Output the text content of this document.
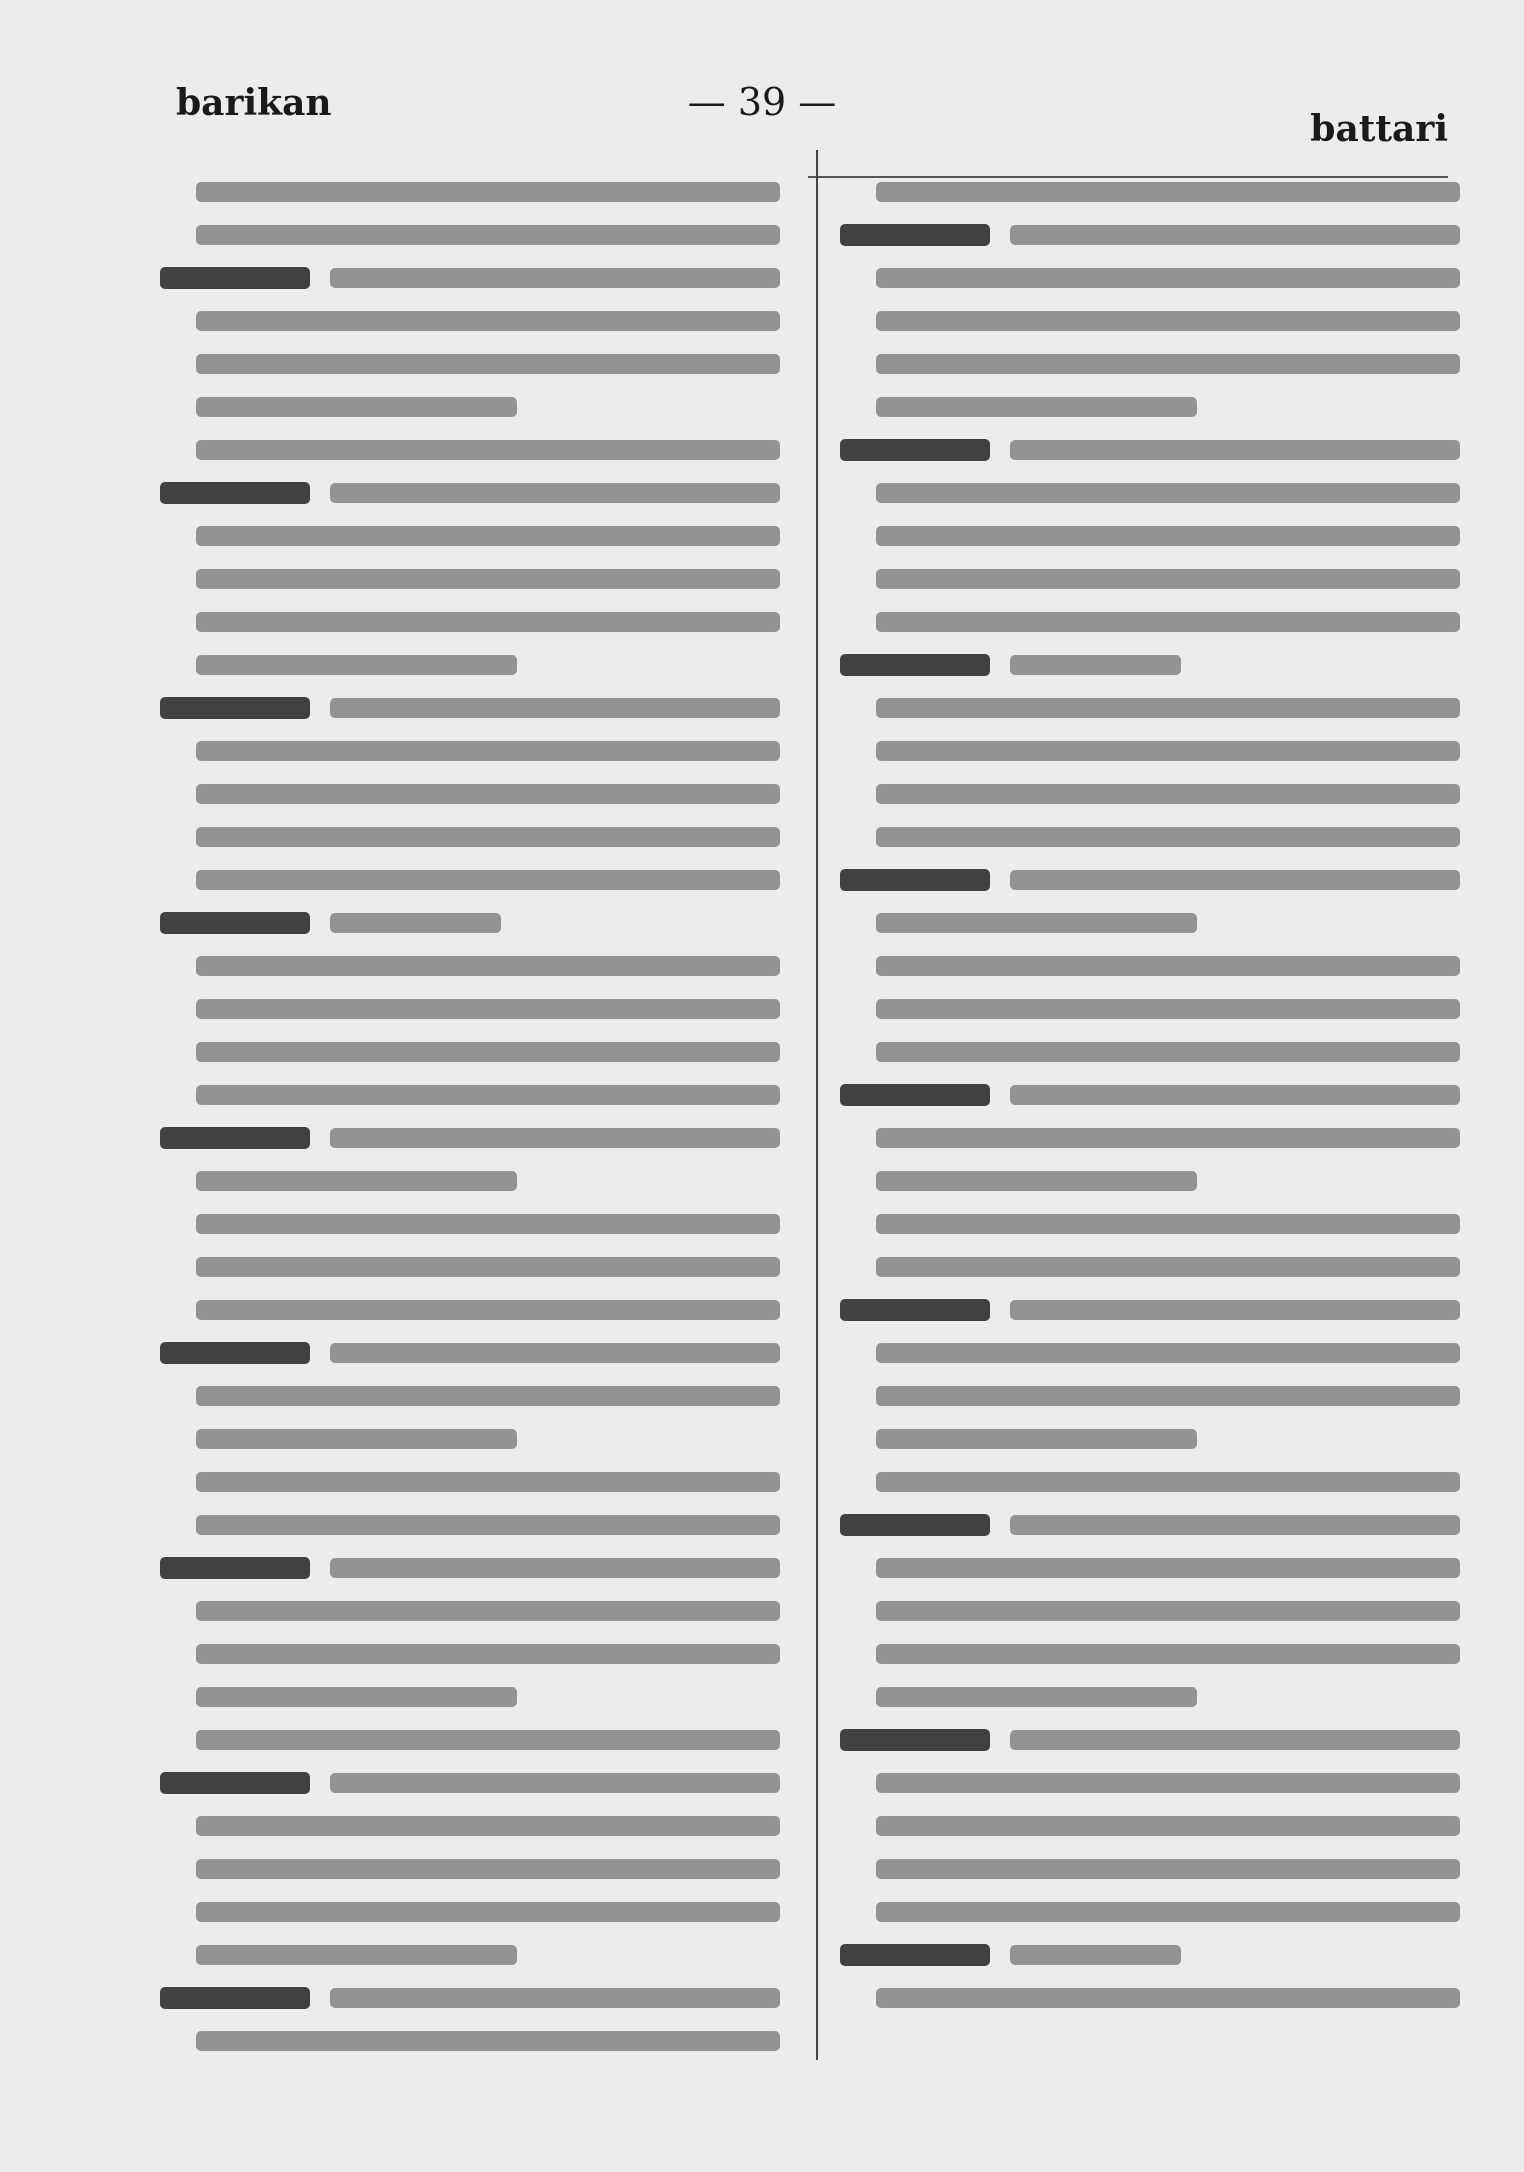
barikan	— 39 —
battari
